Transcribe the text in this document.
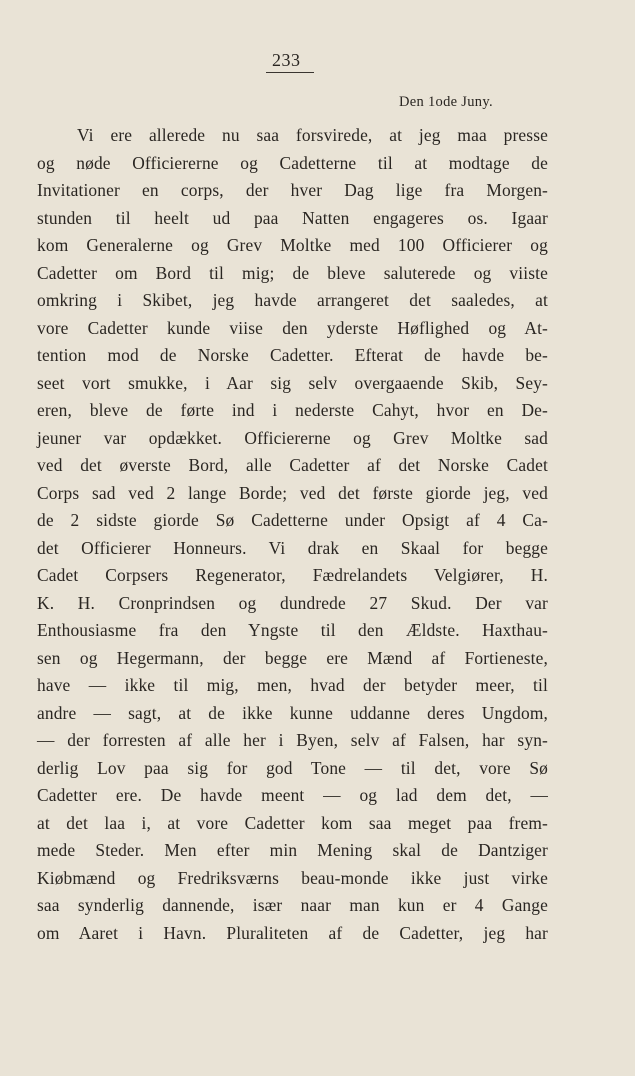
233
Den 1ode Juny.
Vi ere allerede nu saa forsvirede, at jeg maa presse
og nøde Officiererne og Cadetterne til at modtage de
Invitationer en corps, der hver Dag lige fra Morgen-
stunden til heelt ud paa Natten engageres os. Igaar
kom Generalerne og Grev Moltke med 100 Officierer og
Cadetter om Bord til mig; de bleve saluterede og viiste
omkring i Skibet, jeg havde arrangeret det saaledes, at
vore Cadetter kunde viise den yderste Høflighed og At-
tention mod de Norske Cadetter. Efterat de havde be-
seet vort smukke, i Aar sig selv overgaaende Skib, Sey-
eren, bleve de førte ind i nederste Cahyt, hvor en De-
jeuner var opdækket. Officiererne og Grev Moltke sad
ved det øverste Bord, alle Cadetter af det Norske Cadet
Corps sad ved 2 lange Borde; ved det første giorde jeg, ved
de 2 sidste giorde Sø Cadetterne under Opsigt af 4 Ca-
det Officierer Honneurs. Vi drak en Skaal for begge
Cadet Corpsers Regenerator, Fædrelandets Velgiører, H.
K. H. Cronprindsen og dundrede 27 Skud. Der var
Enthousiasme fra den Yngste til den Ældste. Haxthau-
sen og Hegermann, der begge ere Mænd af Fortieneste,
have — ikke til mig, men, hvad der betyder meer, til
andre — sagt, at de ikke kunne uddanne deres Ungdom,
— der forresten af alle her i Byen, selv af Falsen, har syn-
derlig Lov paa sig for god Tone — til det, vore Sø
Cadetter ere. De havde meent — og lad dem det, —
at det laa i, at vore Cadetter kom saa meget paa frem-
mede Steder. Men efter min Mening skal de Dantziger
Kiøbmænd og Fredriksværns beau-monde ikke just virke
saa synderlig dannende, især naar man kun er 4 Gange
om Aaret i Havn. Pluraliteten af de Cadetter, jeg har
